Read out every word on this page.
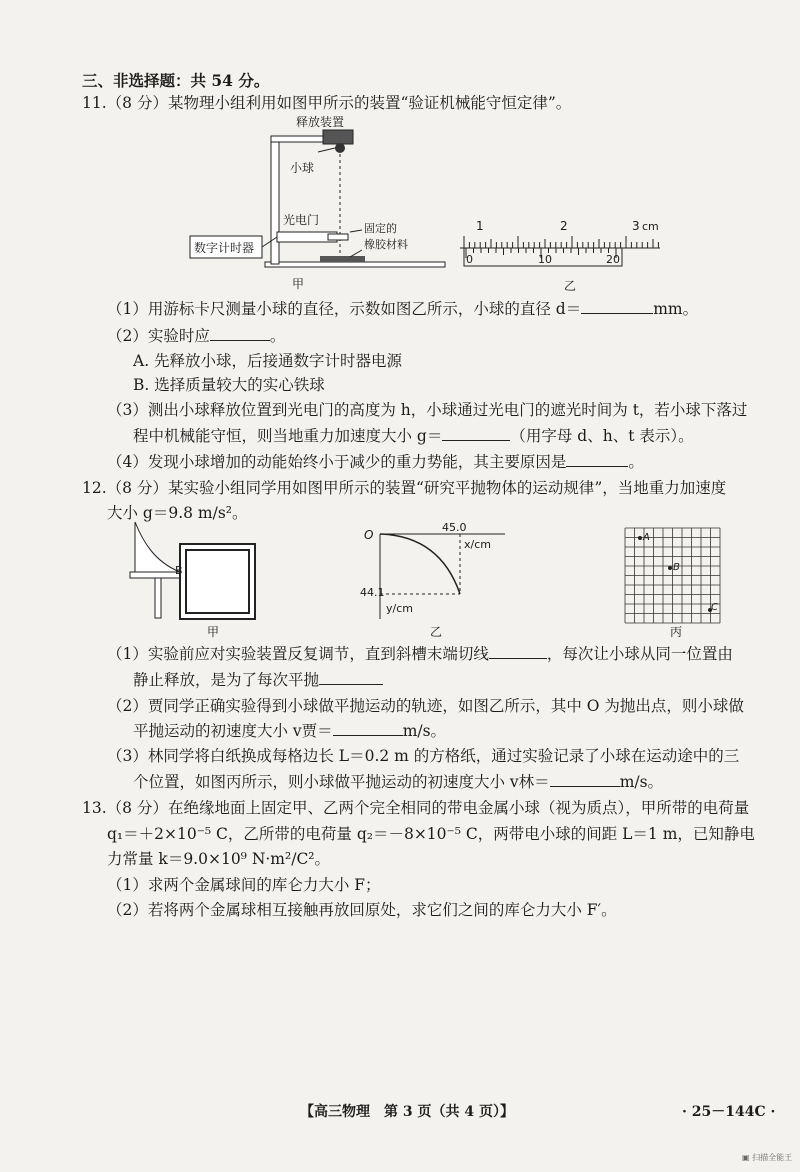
三、非选择题：共 54 分。
11.（8 分）某物理小组利用如图甲所示的装置“验证机械能守恒定律”。
释放装置
小球
光电门
数字计时器
固定的
橡胶材料
甲
1	2	3 cm
0	10	20
乙
（1）用游标卡尺测量小球的直径，示数如图乙所示，小球的直径 d＝	mm。
（2）实验时应	。
A. 先释放小球，后接通数字计时器电源
B. 选择质量较大的实心铁球
（3）测出小球释放位置到光电门的高度为 h，小球通过光电门的遮光时间为 t，若小球下落过
程中机械能守恒，则当地重力加速度大小 g＝	（用字母 d、h、t 表示）。
（4）发现小球增加的动能始终小于减少的重力势能，其主要原因是	。
12.（8 分）某实验小组同学用如图甲所示的装置“研究平抛物体的运动规律”，当地重力加速度
大小 g＝9.8 m/s²。
B
甲
O
45.0
x/cm
44.1
y/cm
乙
A
B
C
丙
（1）实验前应对实验装置反复调节，直到斜槽末端切线	，每次让小球从同一位置由
静止释放，是为了每次平抛
（2）贾同学正确实验得到小球做平抛运动的轨迹，如图乙所示，其中 O 为抛出点，则小球做
平抛运动的初速度大小 v贾＝	m/s。
（3）林同学将白纸换成每格边长 L＝0.2 m 的方格纸，通过实验记录了小球在运动途中的三
个位置，如图丙所示，则小球做平抛运动的初速度大小 v林＝	m/s。
13.（8 分）在绝缘地面上固定甲、乙两个完全相同的带电金属小球（视为质点），甲所带的电荷量
q₁＝＋2×10⁻⁵ C，乙所带的电荷量 q₂＝－8×10⁻⁵ C，两带电小球的间距 L＝1 m，已知静电
力常量 k＝9.0×10⁹ N·m²/C²。
（1）求两个金属球间的库仑力大小 F；
（2）若将两个金属球相互接触再放回原处，求它们之间的库仑力大小 F′。
【高三物理　第 3 页（共 4 页）】	· 25－144C ·
▣ 扫描全能王
